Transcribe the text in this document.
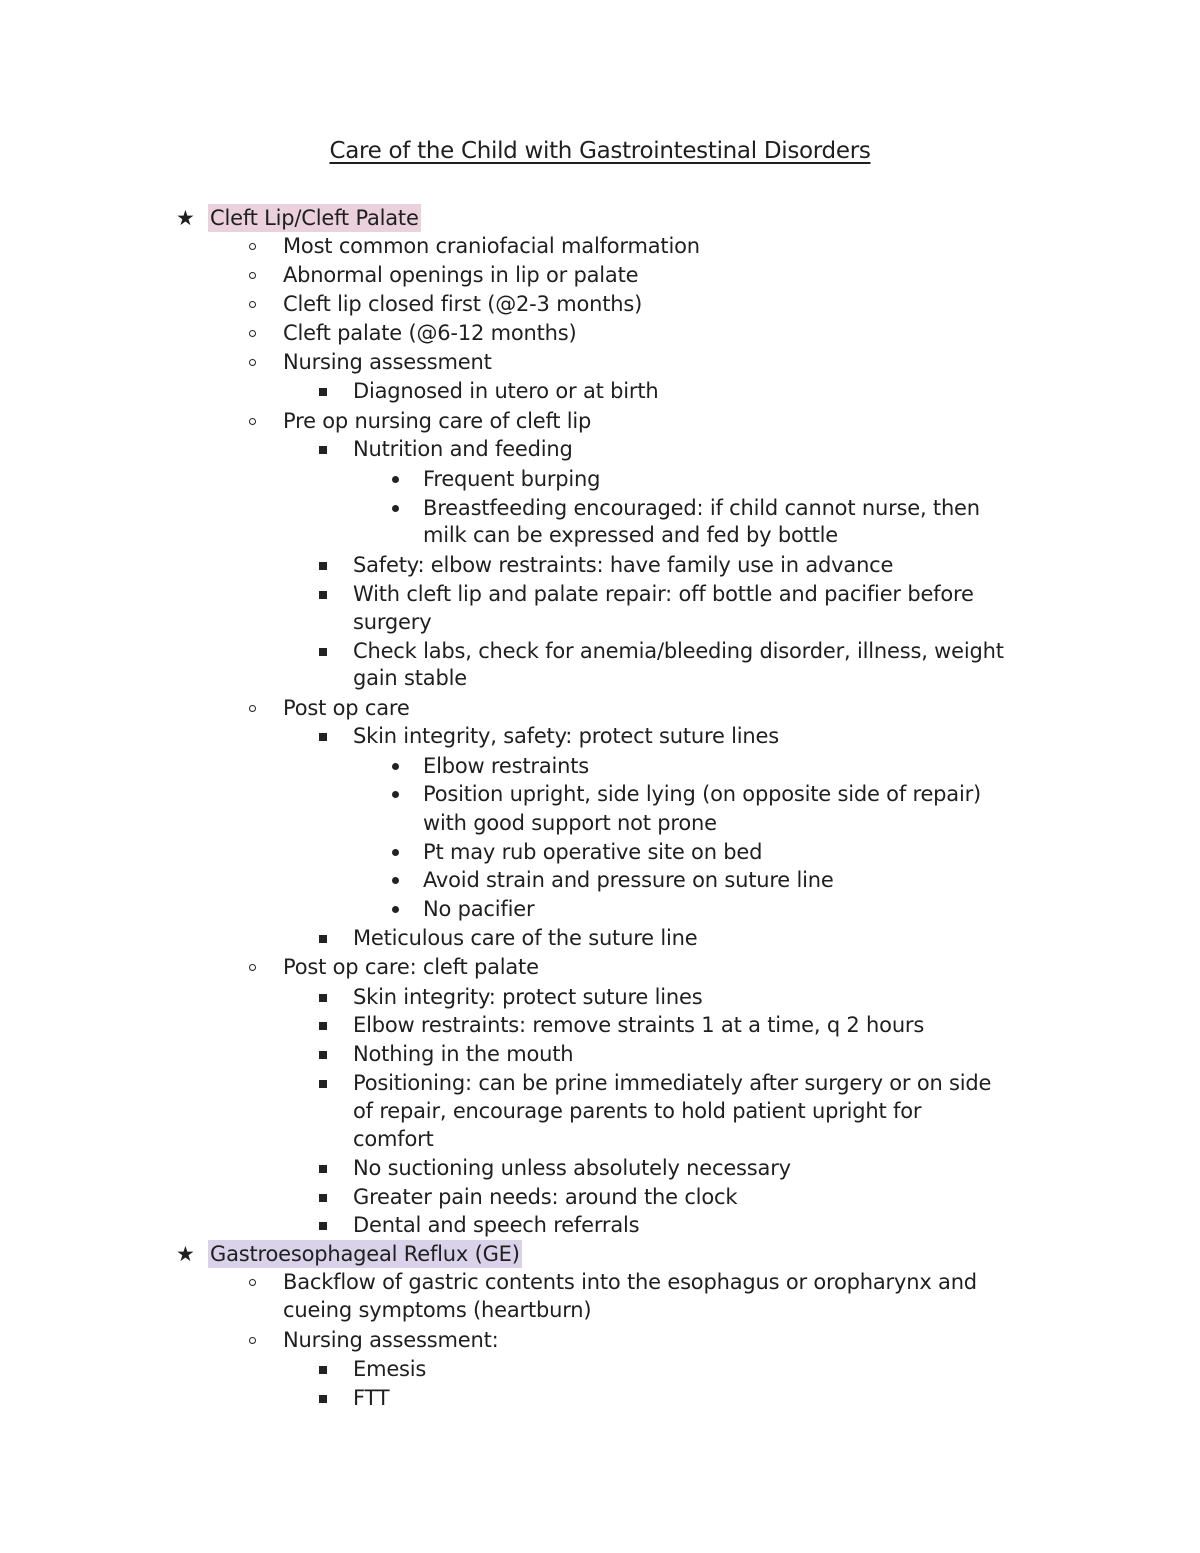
Care of the Child with Gastrointestinal Disorders
★ Cleft Lip/Cleft Palate
Most common craniofacial malformation
Abnormal openings in lip or palate
Cleft lip closed first (@2-3 months)
Cleft palate (@6-12 months)
Nursing assessment
Diagnosed in utero or at birth
Pre op nursing care of cleft lip
Nutrition and feeding
Frequent burping
Breastfeeding encouraged: if child cannot nurse, then
milk can be expressed and fed by bottle
Safety: elbow restraints: have family use in advance
With cleft lip and palate repair: off bottle and pacifier before
surgery
Check labs, check for anemia/bleeding disorder, illness, weight
gain stable
Post op care
Skin integrity, safety: protect suture lines
Elbow restraints
Position upright, side lying (on opposite side of repair)
with good support not prone
Pt may rub operative site on bed
Avoid strain and pressure on suture line
No pacifier
Meticulous care of the suture line
Post op care: cleft palate
Skin integrity: protect suture lines
Elbow restraints: remove straints 1 at a time, q 2 hours
Nothing in the mouth
Positioning: can be prine immediately after surgery or on side
of repair, encourage parents to hold patient upright for
comfort
No suctioning unless absolutely necessary
Greater pain needs: around the clock
Dental and speech referrals
★ Gastroesophageal Reflux (GE)
Backflow of gastric contents into the esophagus or oropharynx and
cueing symptoms (heartburn)
Nursing assessment:
Emesis
FTT
